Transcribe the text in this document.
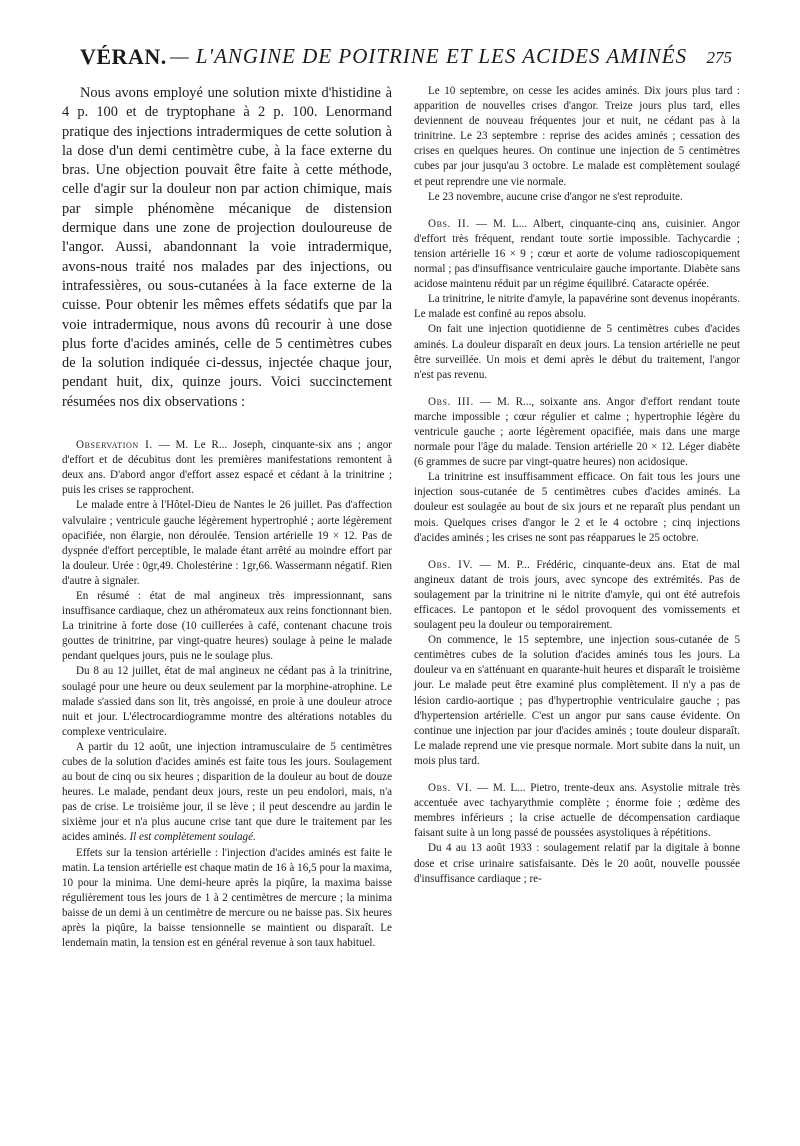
VÉRAN. — L'ANGINE DE POITRINE ET LES ACIDES AMINÉS 275

Nous avons employé une solution mixte d'histidine à 4 p. 100 et de tryptophane à 2 p. 100. Lenormand pratique des injections intradermiques de cette solution à la dose d'un demi centimètre cube, à la face externe du bras. Une objection pouvait être faite à cette méthode, celle d'agir sur la douleur non par action chimique, mais par simple phénomène mécanique de distension dermique dans une zone de projection douloureuse de l'angor. Aussi, abandonnant la voie intradermique, avons-nous traité nos malades par des injections, ou intrafessières, ou sous-cutanées à la face externe de la cuisse. Pour obtenir les mêmes effets sédatifs que par la voie intradermique, nous avons dû recourir à une dose plus forte d'acides aminés, celle de 5 centimètres cubes de la solution indiquée ci-dessus, injectée chaque jour, pendant huit, dix, quinze jours. Voici succinctement résumées nos dix observations :

Observation I. — M. Le R... Joseph, cinquante-six ans ; angor d'effort et de décubitus dont les premières manifestations remontent à deux ans. D'abord angor d'effort assez espacé et cédant à la trinitrine ; puis les crises se rapprochent.

Le malade entre à l'Hôtel-Dieu de Nantes le 26 juillet. Pas d'affection valvulaire ; ventricule gauche légèrement hypertrophié ; aorte légèrement opacifiée, non élargie, non déroulée. Tension artérielle 19 × 12. Pas de dyspnée d'effort perceptible, le malade étant arrêté au moindre effort par la douleur. Urée : 0gr,49. Cholestérine : 1gr,66. Wassermann négatif. Rien d'autre à signaler.

En résumé : état de mal angineux très impressionnant, sans insuffisance cardiaque, chez un athéromateux aux reins fonctionnant bien. La trinitrine à forte dose (10 cuillerées à café, contenant chacune trois gouttes de trinitrine, par vingt-quatre heures) soulage à peine le malade pendant quelques jours, puis ne le soulage plus.

Du 8 au 12 juillet, état de mal angineux ne cédant pas à la trinitrine, soulagé pour une heure ou deux seulement par la morphine-atrophine. Le malade s'assied dans son lit, très angoissé, en proie à une douleur atroce nuit et jour. L'électrocardiogramme montre des altérations notables du complexe ventriculaire.

A partir du 12 août, une injection intramusculaire de 5 centimètres cubes de la solution d'acides aminés est faite tous les jours. Soulagement au bout de cinq ou six heures ; disparition de la douleur au bout de douze heures. Le malade, pendant deux jours, reste un peu endolori, mais, n'a pas de crise. Le troisième jour, il se lève ; il peut descendre au jardin le sixième jour et n'a plus aucune crise tant que dure le traitement par les acides aminés. Il est complètement soulagé.

Effets sur la tension artérielle : l'injection d'acides aminés est faite le matin. La tension artérielle est chaque matin de 16 à 16,5 pour la maxima, 10 pour la minima. Une demi-heure après la piqûre, la maxima baisse régulièrement tous les jours de 1 à 2 centimètres de mercure ; la minima baisse de un demi à un centimètre de mercure ou ne baisse pas. Six heures après la piqûre, la baisse tensionnelle se maintient ou disparaît. Le lendemain matin, la tension est en général revenue à son taux habituel.

Le 10 septembre, on cesse les acides aminés. Dix jours plus tard : apparition de nouvelles crises d'angor. Treize jours plus tard, elles deviennent de nouveau fréquentes jour et nuit, ne cédant pas à la trinitrine. Le 23 septembre : reprise des acides aminés ; cessation des crises en quelques heures. On continue une injection de 5 centimètres cubes par jour jusqu'au 3 octobre. Le malade est complètement soulagé et peut reprendre une vie normale.

Le 23 novembre, aucune crise d'angor ne s'est reproduite.

Obs. II. — M. L... Albert, cinquante-cinq ans, cuisinier. Angor d'effort très fréquent, rendant toute sortie impossible. Tachycardie ; tension artérielle 16 × 9 ; cœur et aorte de volume radioscopiquement normal ; pas d'insuffisance ventriculaire gauche importante. Diabète sans acidose maintenu réduit par un régime équilibré. Cataracte opérée.

La trinitrine, le nitrite d'amyle, la papavérine sont devenus inopérants. Le malade est confiné au repos absolu.

On fait une injection quotidienne de 5 centimètres cubes d'acides aminés. La douleur disparaît en deux jours. La tension artérielle ne peut être surveillée. Un mois et demi après le début du traitement, l'angor n'est pas revenu.

Obs. III. — M. R..., soixante ans. Angor d'effort rendant toute marche impossible ; cœur régulier et calme ; hypertrophie légère du ventricule gauche ; aorte légèrement opacifiée, mais dans une marge normale pour l'âge du malade. Tension artérielle 20 × 12. Léger diabète (6 grammes de sucre par vingt-quatre heures) non acidosique.

La trinitrine est insuffisamment efficace. On fait tous les jours une injection sous-cutanée de 5 centimètres cubes d'acides aminés. La douleur est soulagée au bout de six jours et ne reparaît plus pendant un mois. Quelques crises d'angor le 2 et le 4 octobre ; cinq injections d'acides aminés ; les crises ne sont pas réapparues le 25 octobre.

Obs. IV. — M. P... Frédéric, cinquante-deux ans. Etat de mal angineux datant de trois jours, avec syncope des extrémités. Pas de soulagement par la trinitrine ni le nitrite d'amyle, qui ont été autrefois efficaces. Le pantopon et le sédol provoquent des vomissements et soulagent peu la douleur ou temporairement.

On commence, le 15 septembre, une injection sous-cutanée de 5 centimètres cubes de la solution d'acides aminés tous les jours. La douleur va en s'atténuant en quarante-huit heures et disparaît le troisième jour. Le malade peut être examiné plus complètement. Il n'y a pas de lésion cardio-aortique ; pas d'hypertrophie ventriculaire gauche ; pas d'hypertension artérielle. C'est un angor pur sans cause évidente. On continue une injection par jour d'acides aminés ; toute douleur disparaît. Le malade reprend une vie presque normale. Mort subite dans la nuit, un mois plus tard.

Obs. VI. — M. L... Pietro, trente-deux ans. Asystolie mitrale très accentuée avec tachyarythmie complète ; énorme foie ; œdème des membres inférieurs ; la crise actuelle de décompensation cardiaque faisant suite à un long passé de poussées asystoliques à répétitions.

Du 4 au 13 août 1933 : soulagement relatif par la digitale à bonne dose et crise urinaire satisfaisante. Dès le 20 août, nouvelle poussée d'insuffisance cardiaque ; re-
